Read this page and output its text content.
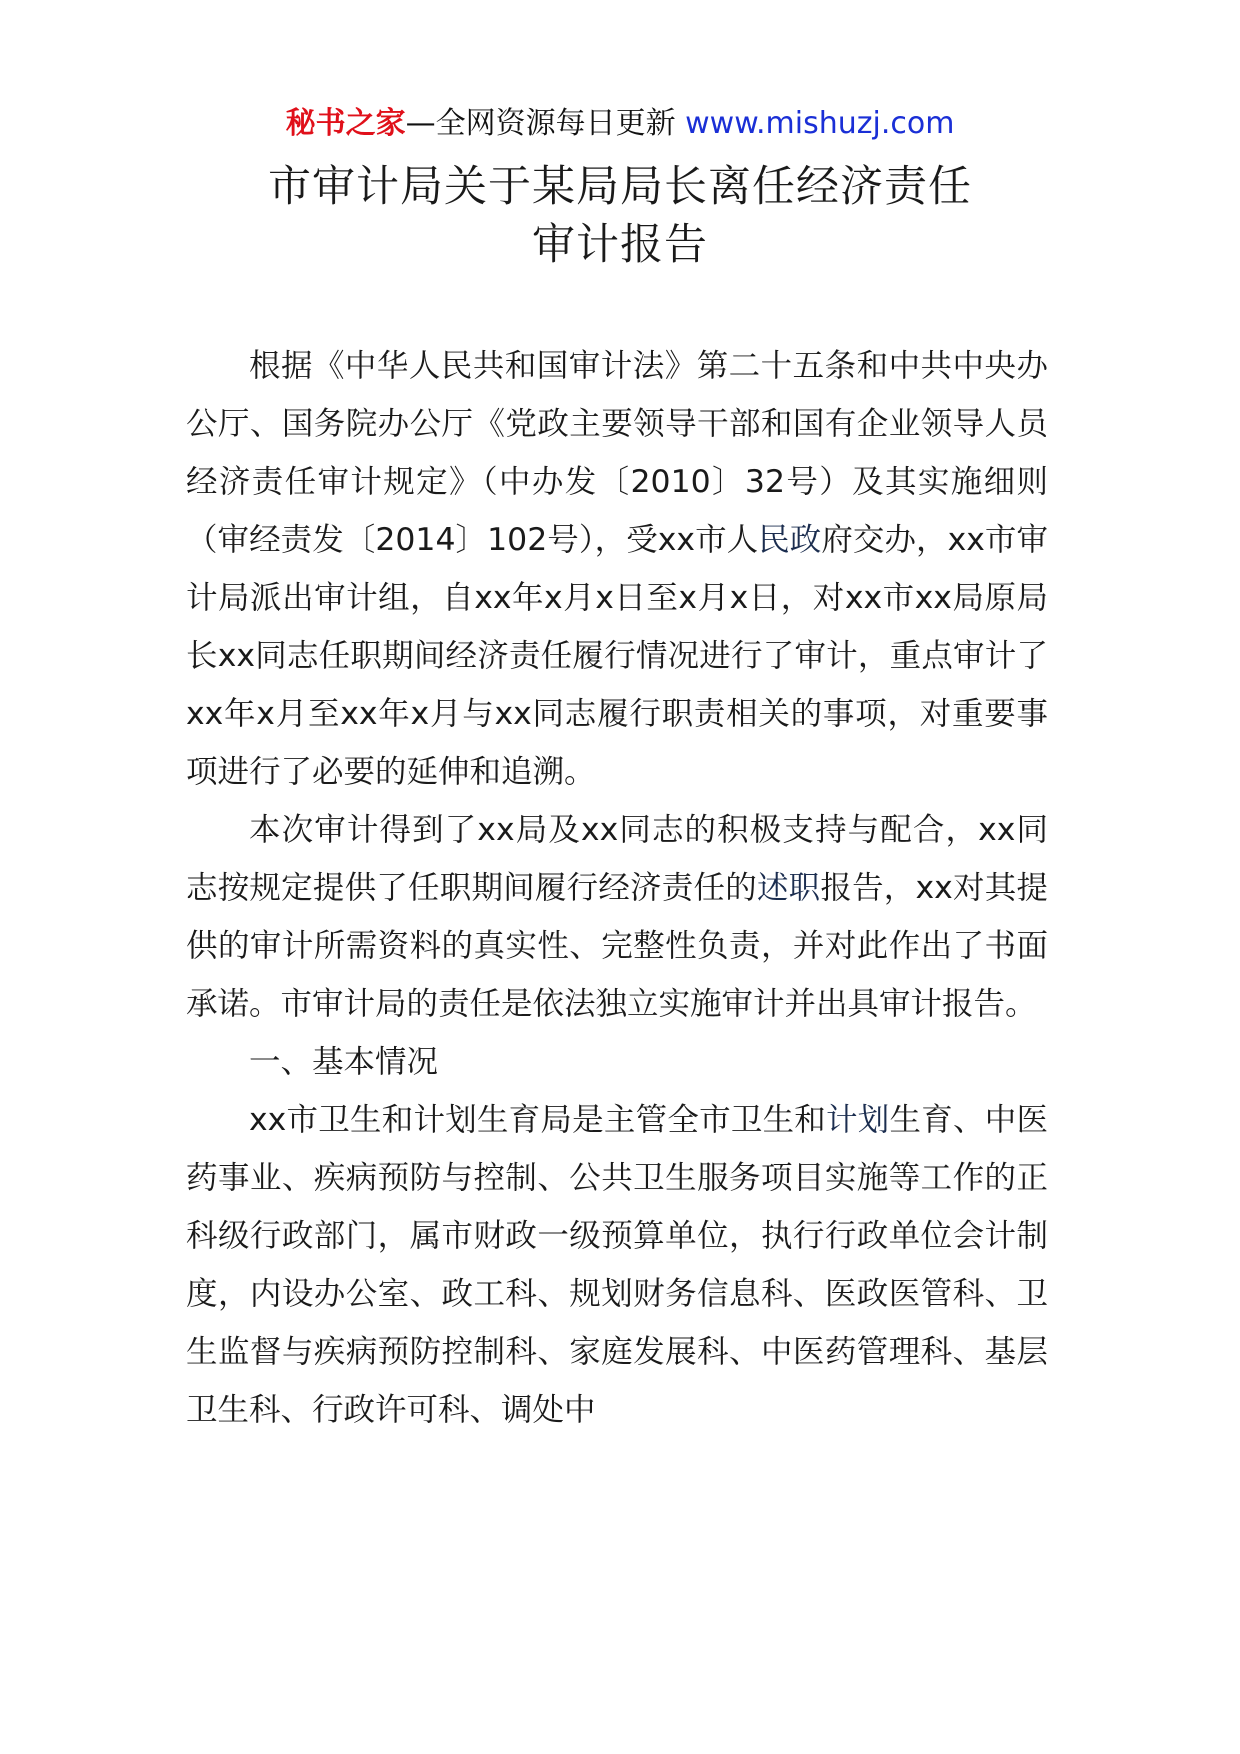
秘书之家—全网资源每日更新 www.mishuzj.com
市审计局关于某局局长离任经济责任
审计报告

根据《中华人民共和国审计法》第二十五条和中共中央办公厅、国务院办公厅《党政主要领导干部和国有企业领导人员经济责任审计规定》（中办发〔2010〕32号）及其实施细则（审经责发〔2014〕102号），受xx市人民政府交办，xx市审计局派出审计组，自xx年x月x日至x月x日，对xx市xx局原局长xx同志任职期间经济责任履行情况进行了审计，重点审计了xx年x月至xx年x月与xx同志履行职责相关的事项，对重要事项进行了必要的延伸和追溯。

本次审计得到了xx局及xx同志的积极支持与配合，xx同志按规定提供了任职期间履行经济责任的述职报告，xx对其提供的审计所需资料的真实性、完整性负责，并对此作出了书面承诺。市审计局的责任是依法独立实施审计并出具审计报告。

一、基本情况

xx市卫生和计划生育局是主管全市卫生和计划生育、中医药事业、疾病预防与控制、公共卫生服务项目实施等工作的正科级行政部门，属市财政一级预算单位，执行行政单位会计制度，内设办公室、政工科、规划财务信息科、医政医管科、卫生监督与疾病预防控制科、家庭发展科、中医药管理科、基层卫生科、行政许可科、调处中
